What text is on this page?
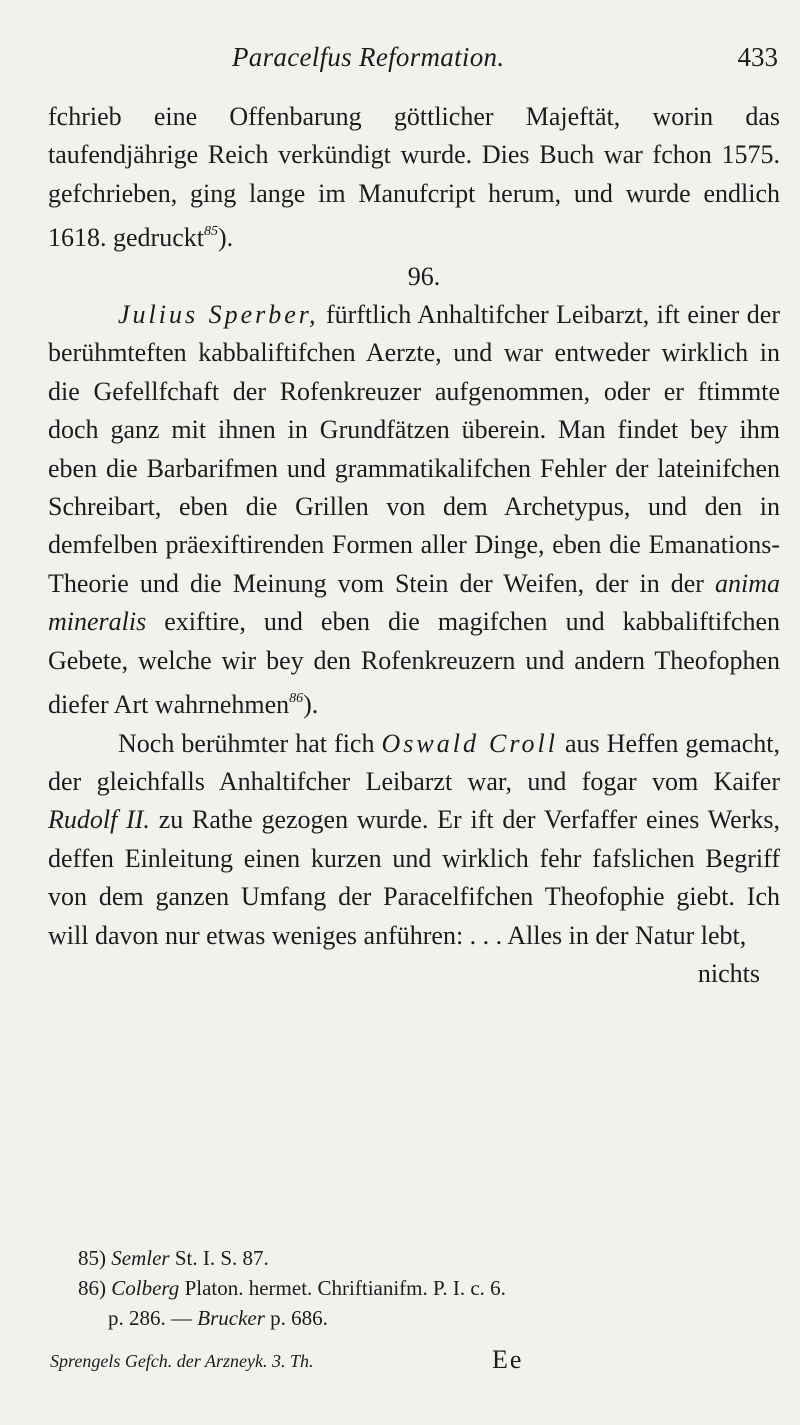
Paracelfus Reformation.	433

fchrieb eine Offenbarung göttlicher Majeftät, worin das taufendjährige Reich verkündigt wurde. Dies Buch war fchon 1575. gefchrieben, ging lange im Manufcript herum, und wurde endlich 1618. gedruckt$^{85}$).

96.

Julius Sperber, fürftlich Anhaltifcher Leibarzt, ift einer der berühmteften kabbaliftifchen Aerzte, und war entweder wirklich in die Gefellfchaft der Rofenkreuzer aufgenommen, oder er ftimmte doch ganz mit ihnen in Grundfätzen überein. Man findet bey ihm eben die Barbarifmen und grammatikalifchen Fehler der lateinifchen Schreibart, eben die Grillen von dem Archetypus, und den in demfelben präexiftirenden Formen aller Dinge, eben die Emanations-Theorie und die Meinung vom Stein der Weifen, der in der anima mineralis exiftire, und eben die magifchen und kabbaliftifchen Gebete, welche wir bey den Rofenkreuzern und andern Theofophen diefer Art wahrnehmen$^{86}$).

Noch berühmter hat fich Oswald Croll aus Heffen gemacht, der gleichfalls Anhaltifcher Leibarzt war, und fogar vom Kaifer Rudolf II. zu Rathe gezogen wurde. Er ift der Verfaffer eines Werks, deffen Einleitung einen kurzen und wirklich fehr fafslichen Begriff von dem ganzen Umfang der Paracelfifchen Theofophie giebt. Ich will davon nur etwas weniges anführen: . . . Alles in der Natur lebt,

nichts

85) Semler St. I. S. 87.

86) Colberg Platon. hermet. Chriftianifm. P. I. c. 6.
p. 286. — Brucker p. 686.

Sprengels Gefch. der Arzneyk. 3. Th.	Ee
